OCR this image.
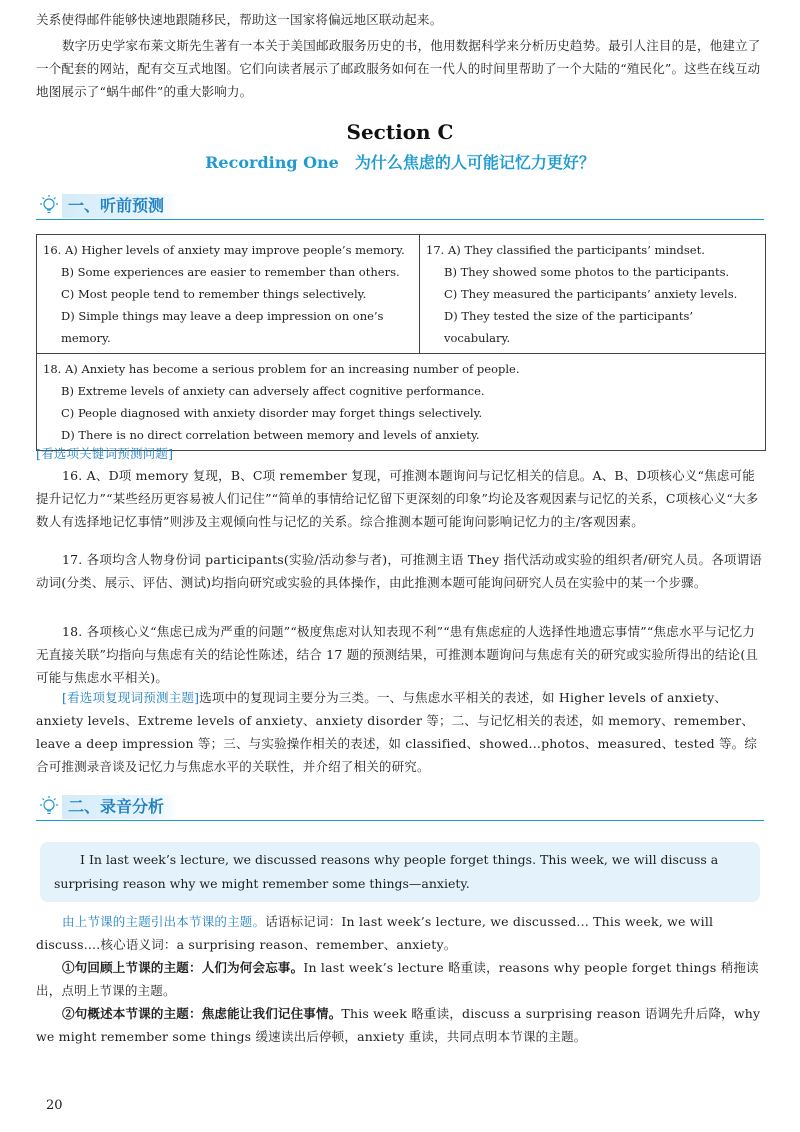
关系使得邮件能够快速地跟随移民，帮助这一国家将偏远地区联动起来。

数字历史学家布莱文斯先生著有一本关于美国邮政服务历史的书，他用数据科学来分析历史趋势。最引人注目的是，他建立了一个配套的网站，配有交互式地图。它们向读者展示了邮政服务如何在一代人的时间里帮助了一个大陆的“殖民化”。这些在线互动地图展示了“蜗牛邮件”的重大影响力。

Section C
Recording One　为什么焦虑的人可能记忆力更好？
一、听前预测
16. A) Higher levels of anxiety may improve people’s memory.
B) Some experiences are easier to remember than others.
C) Most people tend to remember things selectively.
D) Simple things may leave a deep impression on one’s memory.

17. A) They classified the participants’ mindset.
B) They showed some photos to the participants.
C) They measured the participants’ anxiety levels.
D) They tested the size of the participants’ vocabulary.

18. A) Anxiety has become a serious problem for an increasing number of people.
B) Extreme levels of anxiety can adversely affect cognitive performance.
C) People diagnosed with anxiety disorder may forget things selectively.
D) There is no direct correlation between memory and levels of anxiety.

[看选项关键词预测问题]

16. A、D项 memory 复现，B、C项 remember 复现，可推测本题询问与记忆相关的信息。A、B、D项核心义“焦虑可能提升记忆力”“某些经历更容易被人们记住”“简单的事情给记忆留下更深刻的印象”均论及客观因素与记忆的关系，C项核心义“大多数人有选择地记忆事情”则涉及主观倾向性与记忆的关系。综合推测本题可能询问影响记忆力的主/客观因素。

17. 各项均含人物身份词 participants(实验/活动参与者)，可推测主语 They 指代活动或实验的组织者/研究人员。各项谓语动词(分类、展示、评估、测试)均指向研究或实验的具体操作，由此推测本题可能询问研究人员在实验中的某一个步骤。

18. 各项核心义“焦虑已成为严重的问题”“极度焦虑对认知表现不利”“患有焦虑症的人选择性地遗忘事情”“焦虑水平与记忆力无直接关联”均指向与焦虑有关的结论性陈述，结合 17 题的预测结果，可推测本题询问与焦虑有关的研究或实验所得出的结论(且可能与焦虑水平相关)。

[看选项复现词预测主题]选项中的复现词主要分为三类。一、与焦虑水平相关的表述，如 Higher levels of anxiety、anxiety levels、Extreme levels of anxiety、anxiety disorder 等；二、与记忆相关的表述，如 memory、remember、leave a deep impression 等；三、与实验操作相关的表述，如 classified、showed...photos、measured、tested 等。综合可推测录音谈及记忆力与焦虑水平的关联性，并介绍了相关的研究。

二、录音分析

Ⅰ In last week’s lecture, we discussed reasons why people forget things. This week, we will discuss a surprising reason why we might remember some things—anxiety.

由上节课的主题引出本节课的主题。话语标记词：In last week’s lecture, we discussed... This week, we will discuss....核心语义词：a surprising reason、remember、anxiety。

①句回顾上节课的主题：人们为何会忘事。In last week’s lecture 略重读，reasons why people forget things 稍拖读出，点明上节课的主题。

②句概述本节课的主题：焦虑能让我们记住事情。This week 略重读，discuss a surprising reason 语调先升后降，why we might remember some things 缓速读出后停顿，anxiety 重读，共同点明本节课的主题。

20
